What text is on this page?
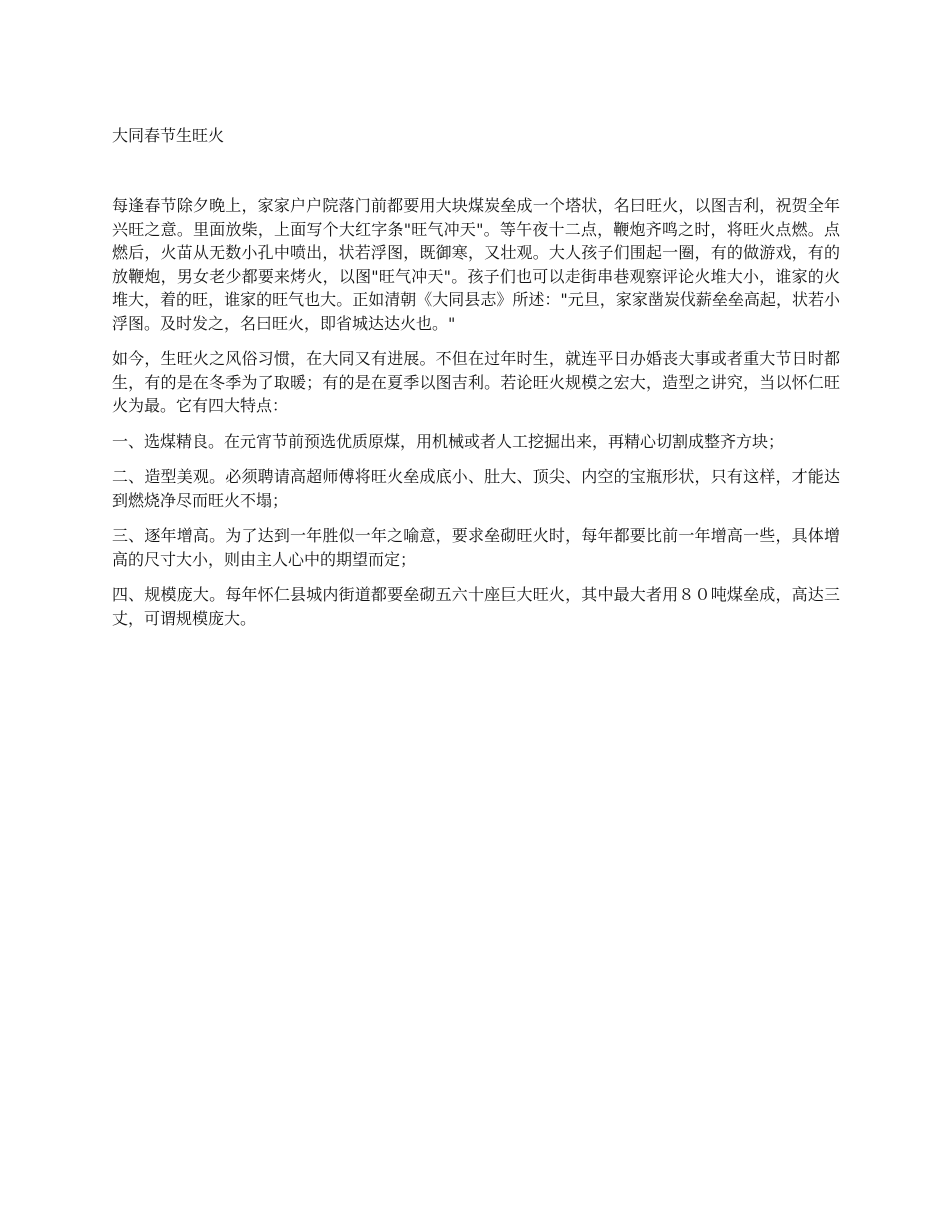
大同春节生旺火

每逢春节除夕晚上，家家户户院落门前都要用大块煤炭垒成一个塔状，名曰旺火，以图吉利，祝贺全年兴旺之意。里面放柴，上面写个大红字条"旺气冲天"。等午夜十二点，鞭炮齐鸣之时，将旺火点燃。点燃后，火苗从无数小孔中喷出，状若浮图，既御寒，又壮观。大人孩子们围起一圈，有的做游戏，有的放鞭炮，男女老少都要来烤火，以图"旺气冲天"。孩子们也可以走街串巷观察评论火堆大小，谁家的火堆大，着的旺，谁家的旺气也大。正如清朝《大同县志》所述："元旦，家家凿炭伐薪垒垒高起，状若小浮图。及时发之，名曰旺火，即省城达达火也。"

如今，生旺火之风俗习惯，在大同又有进展。不但在过年时生，就连平日办婚丧大事或者重大节日时都生，有的是在冬季为了取暖；有的是在夏季以图吉利。若论旺火规模之宏大，造型之讲究，当以怀仁旺火为最。它有四大特点：

一、选煤精良。在元宵节前预选优质原煤，用机械或者人工挖掘出来，再精心切割成整齐方块；

二、造型美观。必须聘请高超师傅将旺火垒成底小、肚大、顶尖、内空的宝瓶形状，只有这样，才能达到燃烧净尽而旺火不塌；

三、逐年增高。为了达到一年胜似一年之喻意，要求垒砌旺火时，每年都要比前一年增高一些，具体增高的尺寸大小，则由主人心中的期望而定；

四、规模庞大。每年怀仁县城内街道都要垒砌五六十座巨大旺火，其中最大者用８０吨煤垒成，高达三丈，可谓规模庞大。
